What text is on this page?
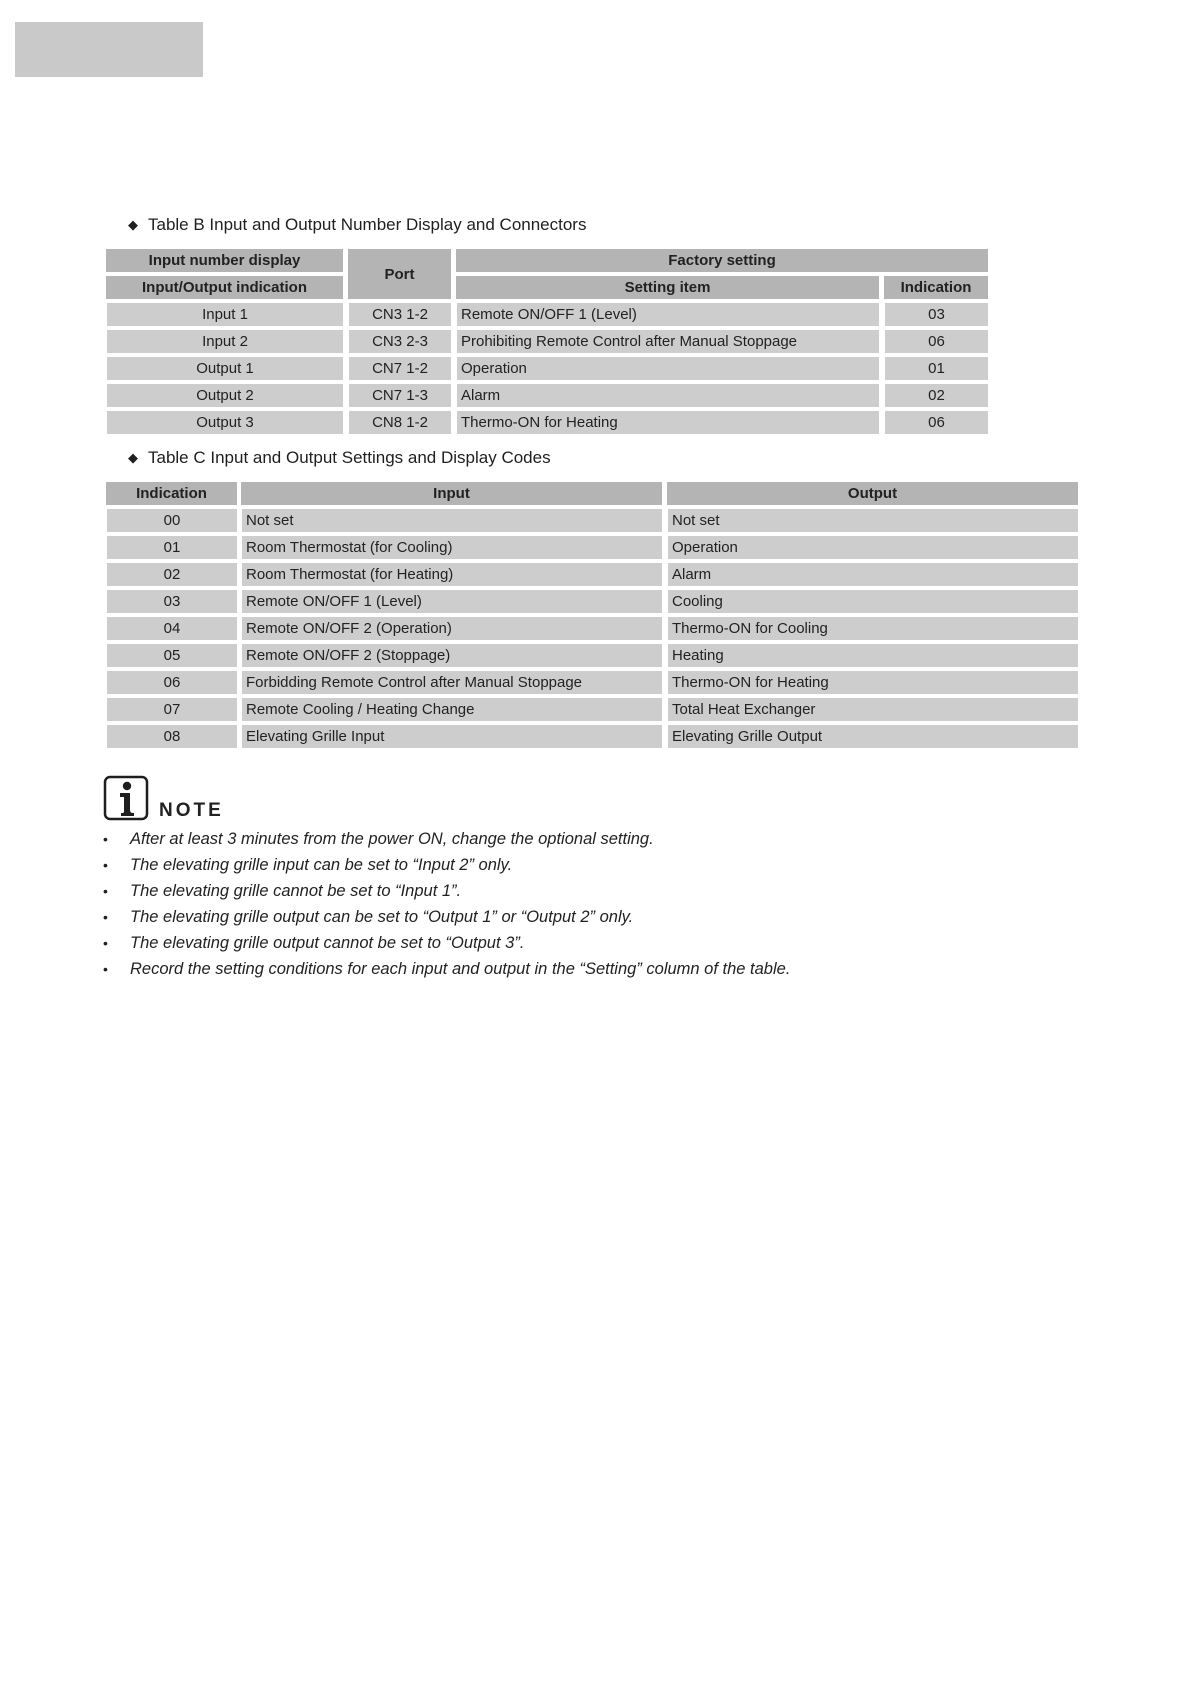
◆ Table B Input and Output Number Display and Connectors
Input number display
Input/Output indication
Port
Factory setting
Setting item	Indication
Input 1	CN3 1-2	Remote ON/OFF 1 (Level)	03
Input 2	CN3 2-3	Prohibiting Remote Control after Manual Stoppage	06
Output 1	CN7 1-2	Operation	01
Output 2	CN7 1-3	Alarm	02
Output 3	CN8 1-2	Thermo-ON for Heating	06
◆ Table C Input and Output Settings and Display Codes
Indication	Input	Output
00	Not set	Not set
01	Room Thermostat (for Cooling)	Operation
02	Room Thermostat (for Heating)	Alarm
03	Remote ON/OFF 1 (Level)	Cooling
04	Remote ON/OFF 2 (Operation)	Thermo-ON for Cooling
05	Remote ON/OFF 2 (Stoppage)	Heating
06	Forbidding Remote Control after Manual Stoppage	Thermo-ON for Heating
07	Remote Cooling / Heating Change	Total Heat Exchanger
08	Elevating Grille Input	Elevating Grille Output
NOTE
• After at least 3 minutes from the power ON, change the optional setting.
• The elevating grille input can be set to “Input 2” only.
• The elevating grille cannot be set to “Input 1”.
• The elevating grille output can be set to “Output 1” or “Output 2” only.
• The elevating grille output cannot be set to “Output 3”.
• Record the setting conditions for each input and output in the “Setting” column of the table.
